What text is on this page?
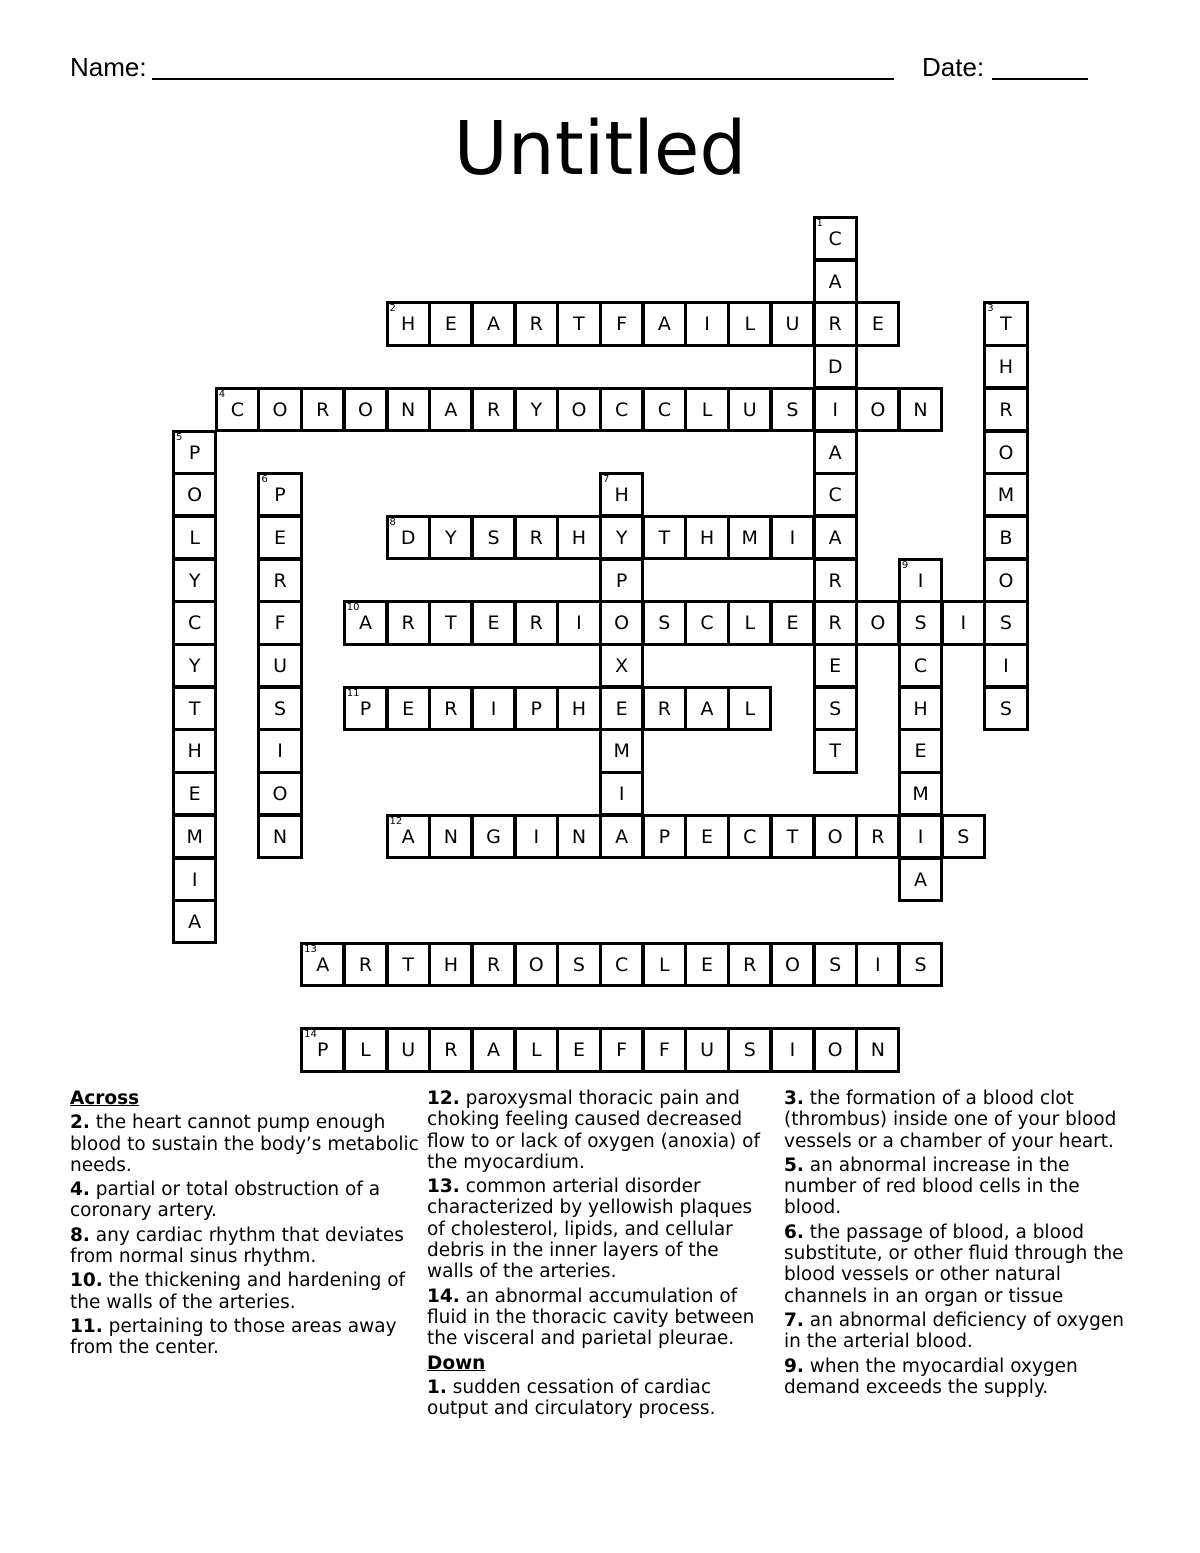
Name:	Date:
Untitled
1
C
A
R
D
I
A
C
A
R
R
E
S
T
2
H	E	A	R	T	F	A	I	L	U	E
3
T
H
R
O
M
B
O
S
I
S
4
C	O	R	O	N	A	R	Y	O	C	C	L	U	S	O	N
5
P
O
L
Y
C
Y
T
H
E
M
I
A
6
P
E
R
F
U
S
I
O
N
7
H
Y
P
O
X
E
M
I
8
D	Y	S	R	H	T	H	M	I
9
I
S
C
H
E
M
I
A
10
A	R	T	E	R	I	S	C	L	E	O	I
11
P	E	R	I	P	H	R	A	L
12
A	N	G	I	N	A	P	E	C	T	O	R	S
13
A	R	T	H	R	O	S	C	L	E	R	O	S	I	S
14
P	L	U	R	A	L	E	F	F	U	S	I	O	N
Across

2. the heart cannot pump enough blood to sustain the body’s metabolic needs.

4. partial or total obstruction of a coronary artery.

8. any cardiac rhythm that deviates from normal sinus rhythm.

10. the thickening and hardening of the walls of the arteries.

11. pertaining to those areas away from the center.

12. paroxysmal thoracic pain and choking feeling caused decreased flow to or lack of oxygen (anoxia) of the myocardium.

13. common arterial disorder characterized by yellowish plaques of cholesterol, lipids, and cellular debris in the inner layers of the walls of the arteries.

14. an abnormal accumulation of fluid in the thoracic cavity between the visceral and parietal pleurae.

Down

1. sudden cessation of cardiac output and circulatory process.

3. the formation of a blood clot (thrombus) inside one of your blood vessels or a chamber of your heart.

5. an abnormal increase in the number of red blood cells in the blood.

6. the passage of blood, a blood substitute, or other fluid through the blood vessels or other natural channels in an organ or tissue

7. an abnormal deficiency of oxygen in the arterial blood.

9. when the myocardial oxygen demand exceeds the supply.
